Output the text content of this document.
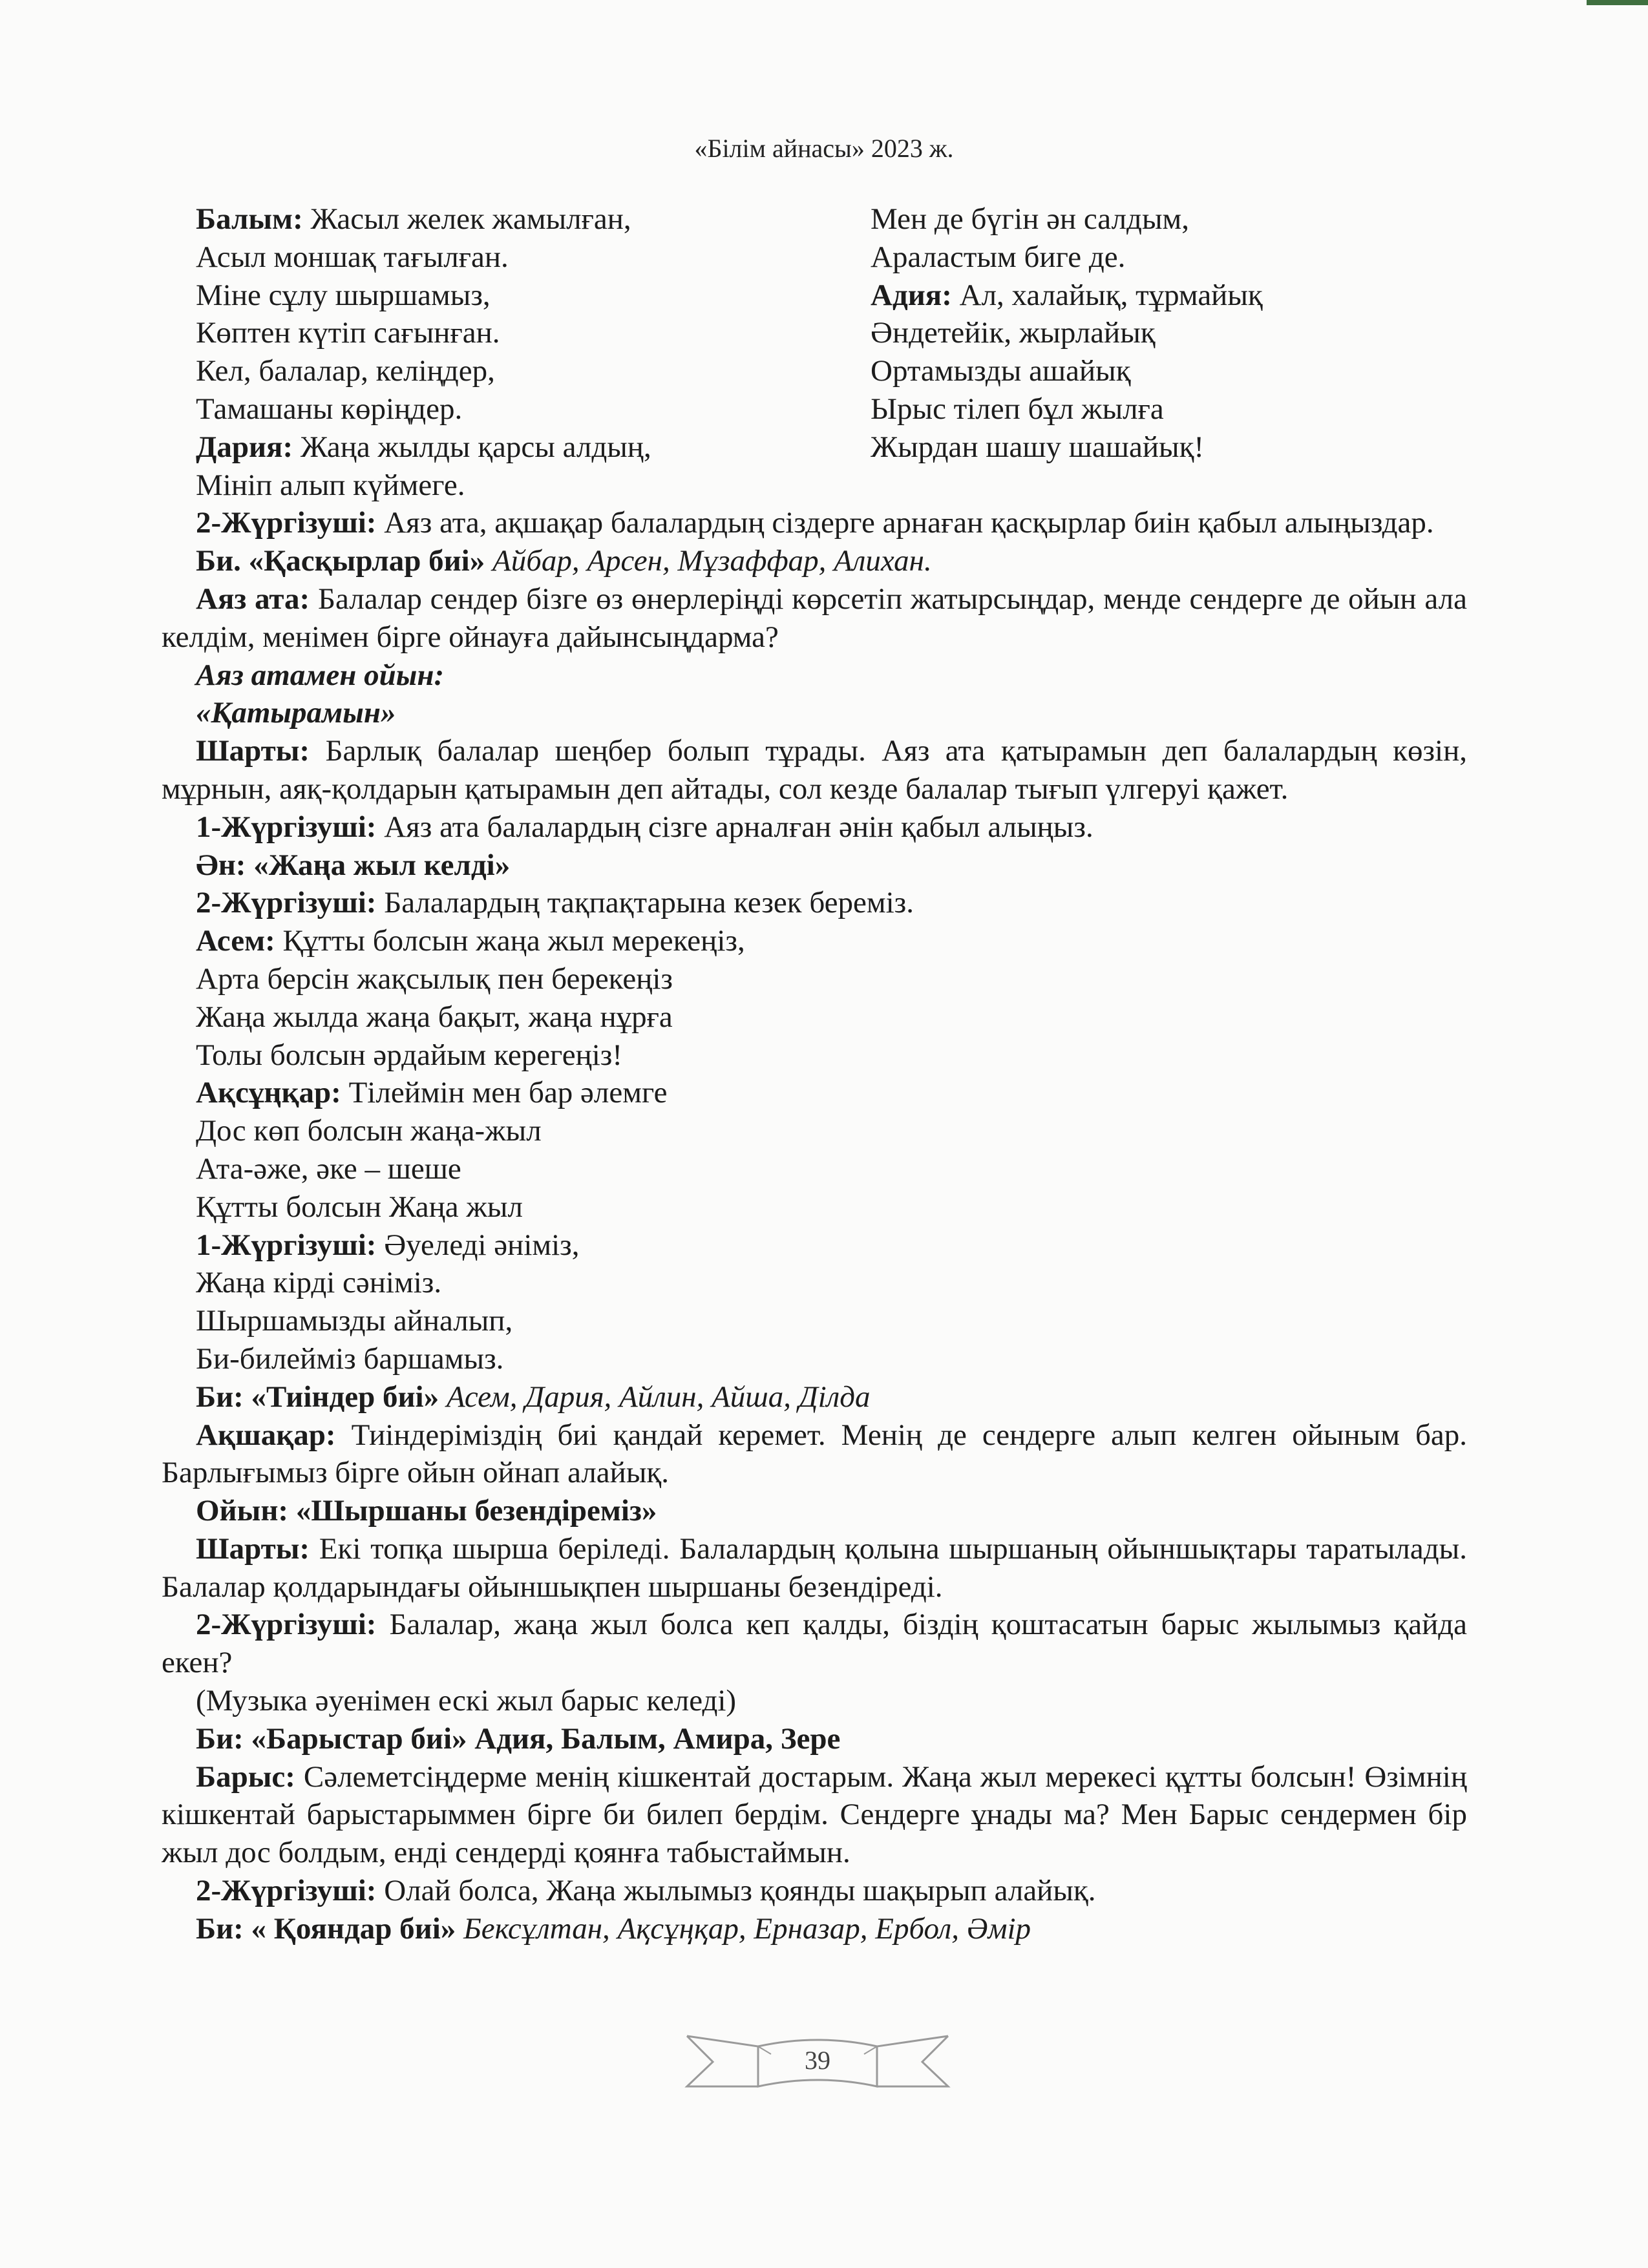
«Білім айнасы» 2023 ж.
Балым: Жасыл желек жамылған,
Асыл моншақ тағылған.
Міне сұлу шыршамыз,
Көптен күтіп сағынған.
Кел, балалар, келіңдер,
Тамашаны көріңдер.
Дария: Жаңа жылды қарсы алдың,
Мініп алып күймеге.
Мен де бүгін ән салдым,
Араластым биге де.
Адия: Ал, халайық, тұрмайық
Әндетейік, жырлайық
Ортамызды ашайық
Ырыс тілеп бұл жылға
Жырдан шашу шашайық!
2-Жүргізуші: Аяз ата, ақшақар балалардың сіздерге арнаған қасқырлар биін қабыл алыңыздар.
Би. «Қасқырлар биі» Айбар, Арсен, Мұзаффар, Алихан.
Аяз ата: Балалар сендер бізге өз өнерлеріңді көрсетіп жатырсыңдар, менде сендерге де ойын ала келдім, менімен бірге ойнауға дайынсыңдарма?
Аяз атамен ойын:
«Қатырамын»
Шарты: Барлық балалар шеңбер болып тұрады. Аяз ата қатырамын деп балалардың көзін, мұрнын, аяқ-қолдарын қатырамын деп айтады, сол кезде балалар тығып үлгеруі қажет.
1-Жүргізуші: Аяз ата балалардың сізге арналған әнін қабыл алыңыз.
Ән: «Жаңа жыл келді»
2-Жүргізуші: Балалардың тақпақтарына кезек береміз.
Асем: Құтты болсын жаңа жыл мерекеңіз,
Арта берсін жақсылық пен берекеңіз
Жаңа жылда жаңа бақыт, жаңа нұрға
Толы болсын әрдайым керегеңіз!
Ақсұңқар: Тілеймін мен бар әлемге
Дос көп болсын жаңа-жыл
Ата-әже, әке – шеше
Құтты болсын Жаңа жыл
1-Жүргізуші: Әуеледі әніміз,
Жаңа кірді сәніміз.
Шыршамызды айналып,
Би-билейміз баршамыз.
Би: «Тиіндер биі» Асем, Дария, Айлин, Айша, Ділда
Ақшақар: Тиіндеріміздің биі қандай керемет. Менің де сендерге алып келген ойыным бар. Барлығымыз бірге ойын ойнап алайық.
Ойын: «Шыршаны безендіреміз»
Шарты: Екі топқа шырша беріледі. Балалардың қолына шыршаның ойыншықтары таратылады. Балалар қолдарындағы ойыншықпен шыршаны безендіреді.
2-Жүргізуші: Балалар, жаңа жыл болса кеп қалды, біздің қоштасатын барыс жылымыз қайда екен?
(Музыка әуенімен ескі жыл барыс келеді)
Би: «Барыстар биі» Адия, Балым, Амира, Зере
Барыс: Сәлеметсіңдерме менің кішкентай достарым. Жаңа жыл мерекесі құтты болсын! Өзімнің кішкентай барыстарыммен бірге би билеп бердім. Сендерге ұнады ма? Мен Барыс сендермен бір жыл дос болдым, енді сендерді қоянға табыстаймын.
2-Жүргізуші: Олай болса, Жаңа жылымыз қоянды шақырып алайық.
Би: « Қояндар биі» Бексұлтан, Ақсұңқар, Ерназар, Ербол, Әмір
39
